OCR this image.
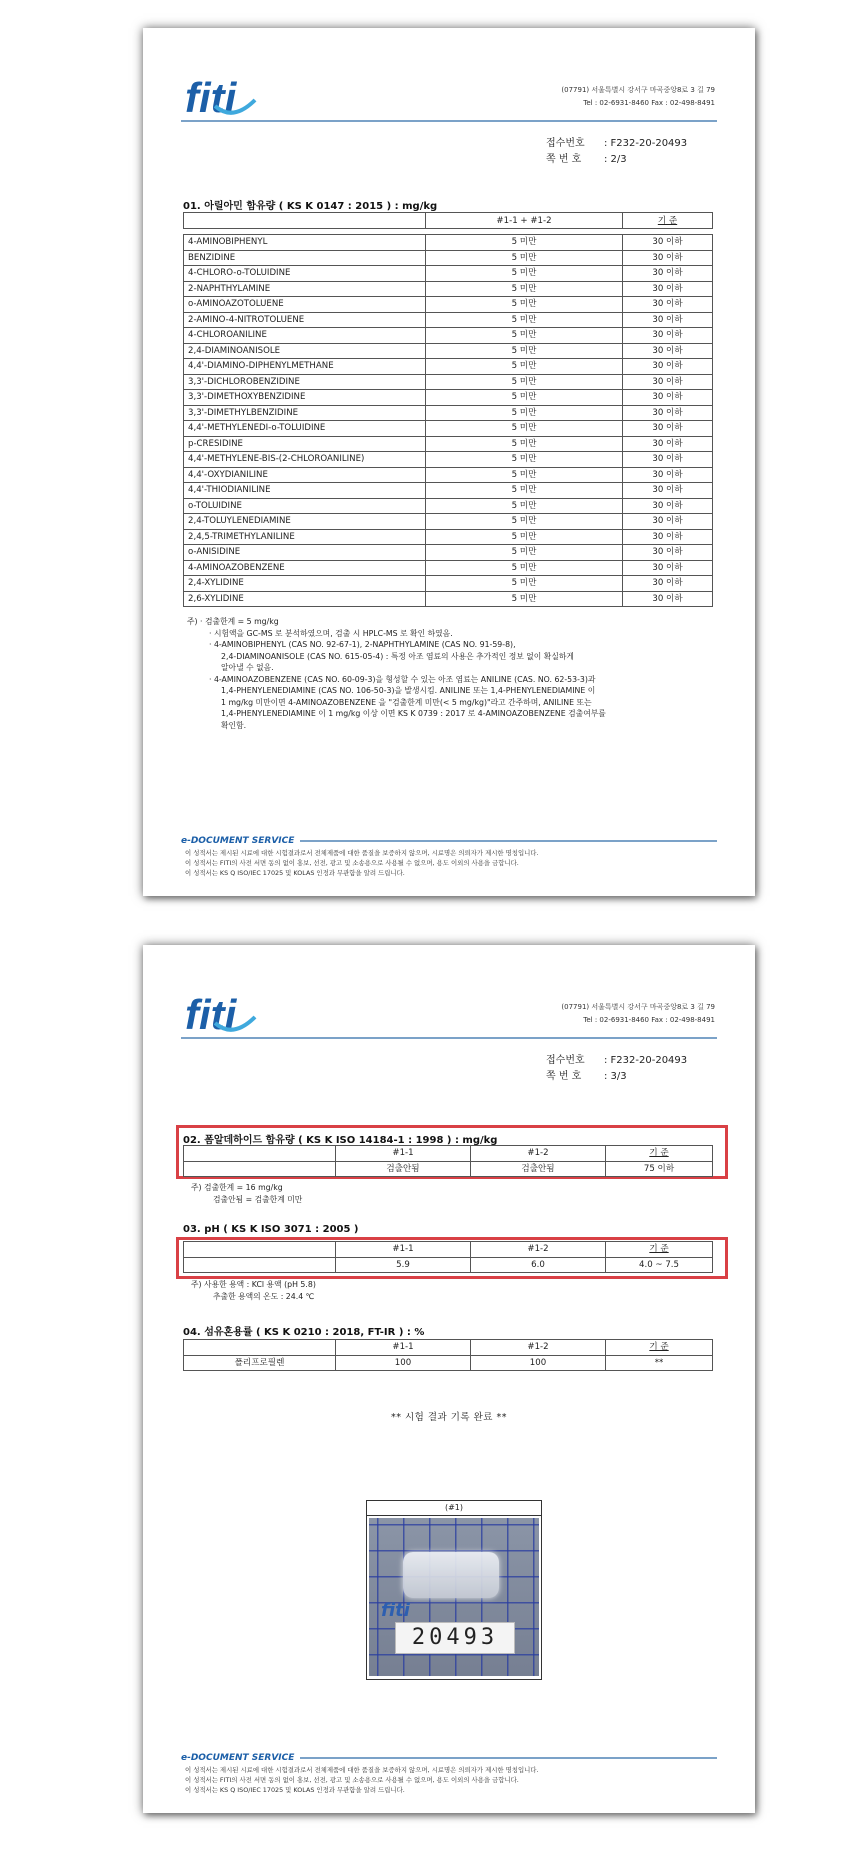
fiti	(07791) 서울특별시 강서구 마곡중앙8로 3 길 79
Tel : 02-6931-8460 Fax : 02-498-8491
접수번호 : F232-20-20493
쪽 번 호 : 2/3
01. 아릴아민 함유량 ( KS K 0147 : 2015 ) : mg/kg
	#1-1 + #1-2	기 준

4-AMINOBIPHENYL	5 미만	30 이하
BENZIDINE	5 미만	30 이하
4-CHLORO-o-TOLUIDINE	5 미만	30 이하
2-NAPHTHYLAMINE	5 미만	30 이하
o-AMINOAZOTOLUENE	5 미만	30 이하
2-AMINO-4-NITROTOLUENE	5 미만	30 이하
4-CHLOROANILINE	5 미만	30 이하
2,4-DIAMINOANISOLE	5 미만	30 이하
4,4'-DIAMINO-DIPHENYLMETHANE	5 미만	30 이하
3,3'-DICHLOROBENZIDINE	5 미만	30 이하
3,3'-DIMETHOXYBENZIDINE	5 미만	30 이하
3,3'-DIMETHYLBENZIDINE	5 미만	30 이하
4,4'-METHYLENEDI-o-TOLUIDINE	5 미만	30 이하
p-CRESIDINE	5 미만	30 이하
4,4'-METHYLENE-BIS-(2-CHLOROANILINE)	5 미만	30 이하
4,4'-OXYDIANILINE	5 미만	30 이하
4,4'-THIODIANILINE	5 미만	30 이하
o-TOLUIDINE	5 미만	30 이하
2,4-TOLUYLENEDIAMINE	5 미만	30 이하
2,4,5-TRIMETHYLANILINE	5 미만	30 이하
o-ANISIDINE	5 미만	30 이하
4-AMINOAZOBENZENE	5 미만	30 이하
2,4-XYLIDINE	5 미만	30 이하
2,6-XYLIDINE	5 미만	30 이하
주) · 검출한계 = 5 mg/kg
· 시험액을 GC-MS 로 분석하였으며, 검출 시 HPLC-MS 로 확인 하였음.
· 4-AMINOBIPHENYL (CAS NO. 92-67-1), 2-NAPHTHYLAMINE (CAS NO. 91-59-8),
2,4-DIAMINOANISOLE (CAS NO. 615-05-4) : 특정 아조 염료의 사용은 추가적인 정보 없이 확실하게
알아낼 수 없음.
· 4-AMINOAZOBENZENE (CAS NO. 60-09-3)을 형성할 수 있는 아조 염료는 ANILINE (CAS. NO. 62-53-3)과
1,4-PHENYLENEDIAMINE (CAS NO. 106-50-3)을 발생시킴. ANILINE 또는 1,4-PHENYLENEDIAMINE 이
1 mg/kg 미만이면 4-AMINOAZOBENZENE 을 "검출한계 미만(< 5 mg/kg)"라고 간주하며, ANILINE 또는
1,4-PHENYLENEDIAMINE 이 1 mg/kg 이상 이면 KS K 0739 : 2017 로 4-AMINOAZOBENZENE 검출여부를
확인함.
e-DOCUMENT SERVICE
이 성적서는 제시된 시료에 대한 시험결과로서 전체제품에 대한 품질을 보증하지 않으며, 시료명은 의뢰자가 제시한 명칭입니다.
이 성적서는 FITI의 사전 서면 동의 없이 홍보, 선전, 광고 및 소송용으로 사용될 수 없으며, 용도 이외의 사용을 금합니다.
이 성적서는 KS Q ISO/IEC 17025 및 KOLAS 인정과 무관함을 알려 드립니다.
fiti	(07791) 서울특별시 강서구 마곡중앙8로 3 길 79
Tel : 02-6931-8460 Fax : 02-498-8491
접수번호 : F232-20-20493
쪽 번 호 : 3/3
02. 폼알데하이드 함유량 ( KS K ISO 14184-1 : 1998 ) : mg/kg
	#1-1	#1-2	기 준
	검출안됨	검출안됨	75 이하
주) 검출한계 = 16 mg/kg
검출안됨 = 검출한계 미만
03. pH ( KS K ISO 3071 : 2005 )
	#1-1	#1-2	기 준
	5.9	6.0	4.0 ~ 7.5
주) 사용한 용액 : KCl 용액 (pH 5.8)
추출한 용액의 온도 : 24.4 ℃
04. 섬유혼용률 ( KS K 0210 : 2018, FT-IR ) : %
	#1-1	#1-2	기 준
폴리프로필렌	100	100	**
** 시험 결과 기록 완료 **
(#1)
fiti
20493
e-DOCUMENT SERVICE
이 성적서는 제시된 시료에 대한 시험결과로서 전체제품에 대한 품질을 보증하지 않으며, 시료명은 의뢰자가 제시한 명칭입니다.
이 성적서는 FITI의 사전 서면 동의 없이 홍보, 선전, 광고 및 소송용으로 사용될 수 없으며, 용도 이외의 사용을 금합니다.
이 성적서는 KS Q ISO/IEC 17025 및 KOLAS 인정과 무관함을 알려 드립니다.
